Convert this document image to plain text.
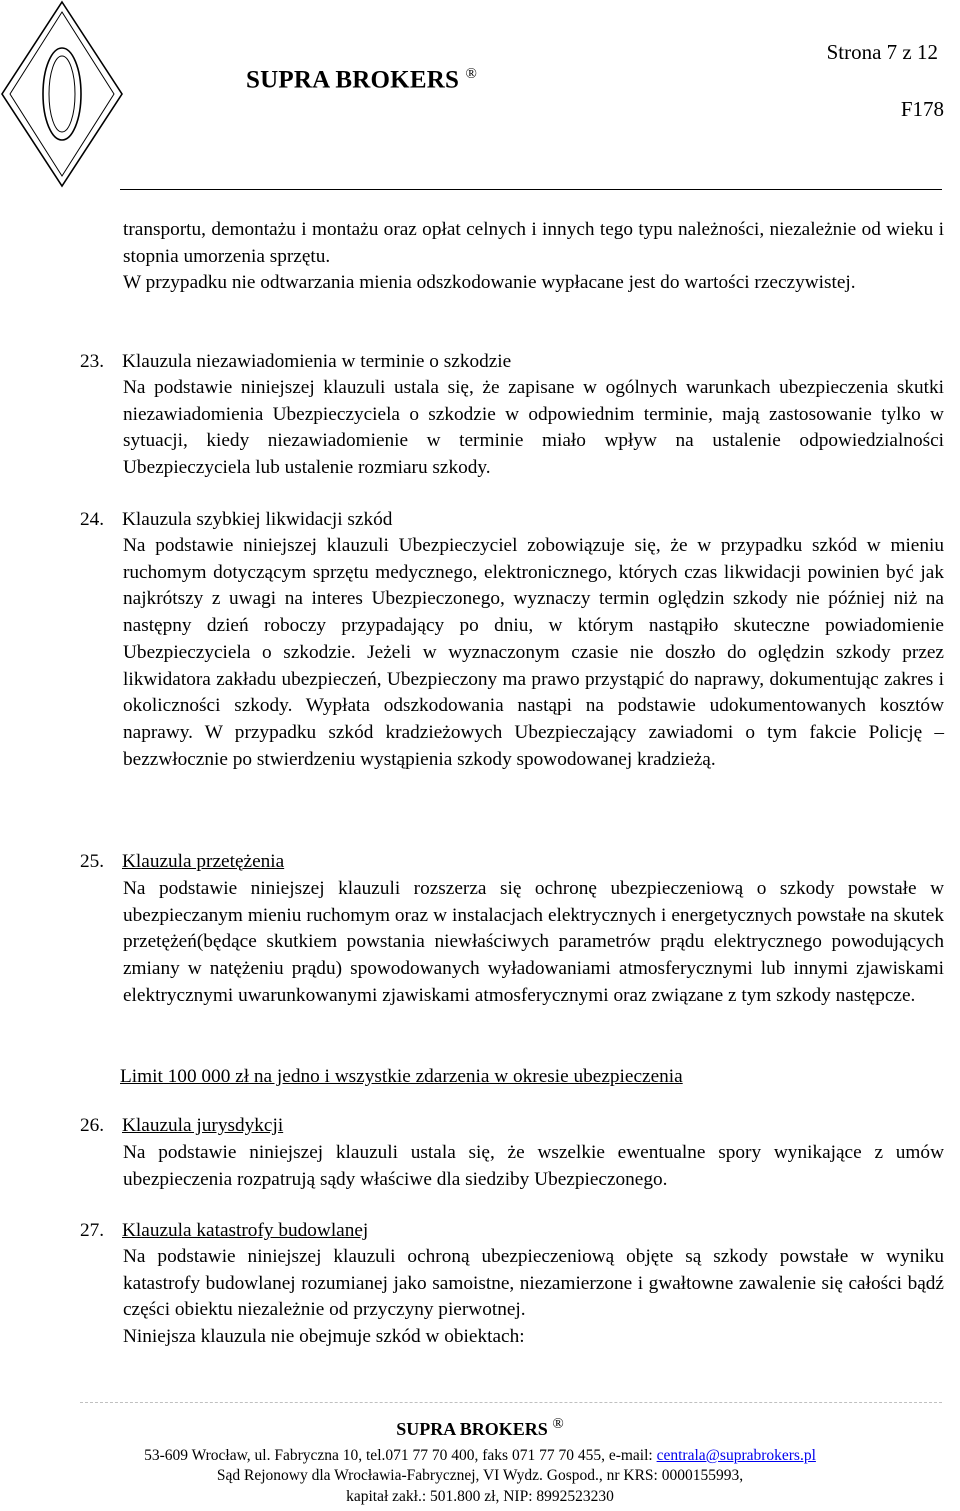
Strona 7 z 12
SUPRA BROKERS ®
F178
transportu, demontażu i montażu oraz opłat celnych i innych tego typu należności, niezależnie od wieku i stopnia umorzenia sprzętu.
W przypadku nie odtwarzania mienia odszkodowanie wypłacane jest do wartości rzeczywistej.
23. Klauzula niezawiadomienia w terminie o szkodzie
Na podstawie niniejszej klauzuli ustala się, że zapisane w ogólnych warunkach ubezpieczenia skutki niezawiadomienia Ubezpieczyciela o szkodzie w odpowiednim terminie, mają zastosowanie tylko w sytuacji, kiedy niezawiadomienie w terminie miało wpływ na ustalenie odpowiedzialności Ubezpieczyciela lub ustalenie rozmiaru szkody.
24. Klauzula szybkiej likwidacji szkód
Na podstawie niniejszej klauzuli Ubezpieczyciel zobowiązuje się, że w przypadku szkód w mieniu ruchomym dotyczącym sprzętu medycznego, elektronicznego, których czas likwidacji powinien być jak najkrótszy z uwagi na interes Ubezpieczonego, wyznaczy termin oględzin szkody nie później niż na następny dzień roboczy przypadający po dniu, w którym nastąpiło skuteczne powiadomienie Ubezpieczyciela o szkodzie. Jeżeli w wyznaczonym czasie nie doszło do oględzin szkody przez likwidatora zakładu ubezpieczeń, Ubezpieczony ma prawo przystąpić do naprawy, dokumentując zakres i okoliczności szkody. Wypłata odszkodowania nastąpi na podstawie udokumentowanych kosztów naprawy. W przypadku szkód kradzieżowych Ubezpieczający zawiadomi o tym fakcie Policję – bezzwłocznie po stwierdzeniu wystąpienia szkody spowodowanej kradzieżą.
25. Klauzula przetężenia
Na podstawie niniejszej klauzuli rozszerza się ochronę ubezpieczeniową o szkody powstałe w ubezpieczanym mieniu ruchomym oraz w instalacjach elektrycznych i energetycznych powstałe na skutek przetężeń(będące skutkiem powstania niewłaściwych parametrów prądu elektrycznego powodujących zmiany w natężeniu prądu) spowodowanych wyładowaniami atmosferycznymi lub innymi zjawiskami elektrycznymi uwarunkowanymi zjawiskami atmosferycznymi oraz związane z tym szkody następcze.
Limit 100 000 zł na jedno i wszystkie zdarzenia w okresie ubezpieczenia
26. Klauzula jurysdykcji
Na podstawie niniejszej klauzuli ustala się, że wszelkie ewentualne spory wynikające z umów ubezpieczenia rozpatrują sądy właściwe dla siedziby Ubezpieczonego.
27. Klauzula katastrofy budowlanej
Na podstawie niniejszej klauzuli ochroną ubezpieczeniową objęte są szkody powstałe w wyniku katastrofy budowlanej rozumianej jako samoistne, niezamierzone i gwałtowne zawalenie się całości bądź części obiektu niezależnie od przyczyny pierwotnej.
Niniejsza klauzula nie obejmuje szkód w obiektach:
SUPRA BROKERS ®
53-609 Wrocław, ul. Fabryczna 10, tel.071 77 70 400, faks 071 77 70 455, e-mail: centrala@suprabrokers.pl
Sąd Rejonowy dla Wrocławia-Fabrycznej, VI Wydz. Gospod., nr KRS: 0000155993,
kapitał zakł.: 501.800 zł, NIP: 8992523230
